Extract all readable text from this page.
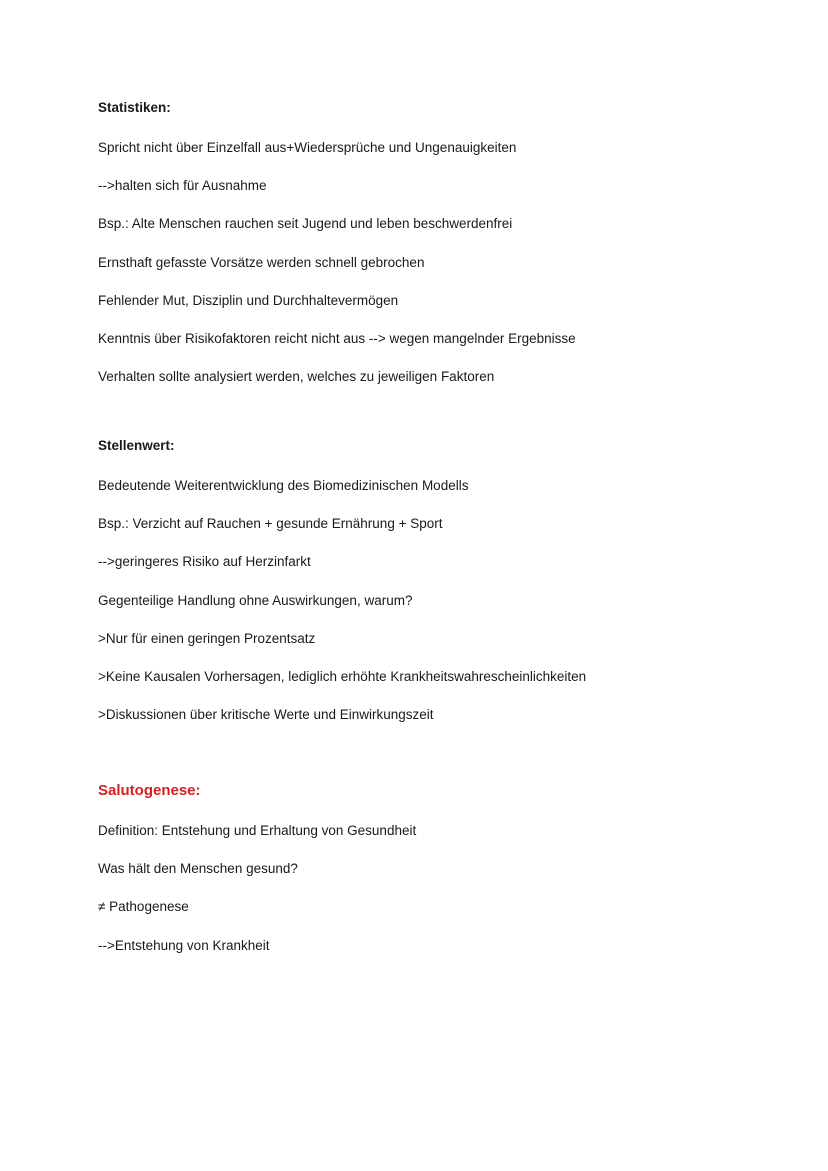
Statistiken:
Spricht nicht über Einzelfall aus+Wiedersprüche und Ungenauigkeiten
-->halten sich für Ausnahme
Bsp.: Alte Menschen rauchen seit Jugend und leben beschwerdenfrei
Ernsthaft gefasste Vorsätze werden schnell gebrochen
Fehlender Mut, Disziplin und Durchhaltevermögen
Kenntnis über Risikofaktoren reicht nicht aus --> wegen mangelnder Ergebnisse
Verhalten sollte analysiert werden, welches zu jeweiligen Faktoren
Stellenwert:
Bedeutende Weiterentwicklung des Biomedizinischen Modells
Bsp.: Verzicht auf Rauchen + gesunde Ernährung + Sport
-->geringeres Risiko auf Herzinfarkt
Gegenteilige Handlung ohne Auswirkungen, warum?
>Nur für einen geringen Prozentsatz
>Keine Kausalen Vorhersagen, lediglich erhöhte Krankheitswahrescheinlichkeiten
>Diskussionen über kritische Werte und Einwirkungszeit
Salutogenese:
Definition: Entstehung und Erhaltung von Gesundheit
Was hält den Menschen gesund?
≠ Pathogenese
-->Entstehung von Krankheit
